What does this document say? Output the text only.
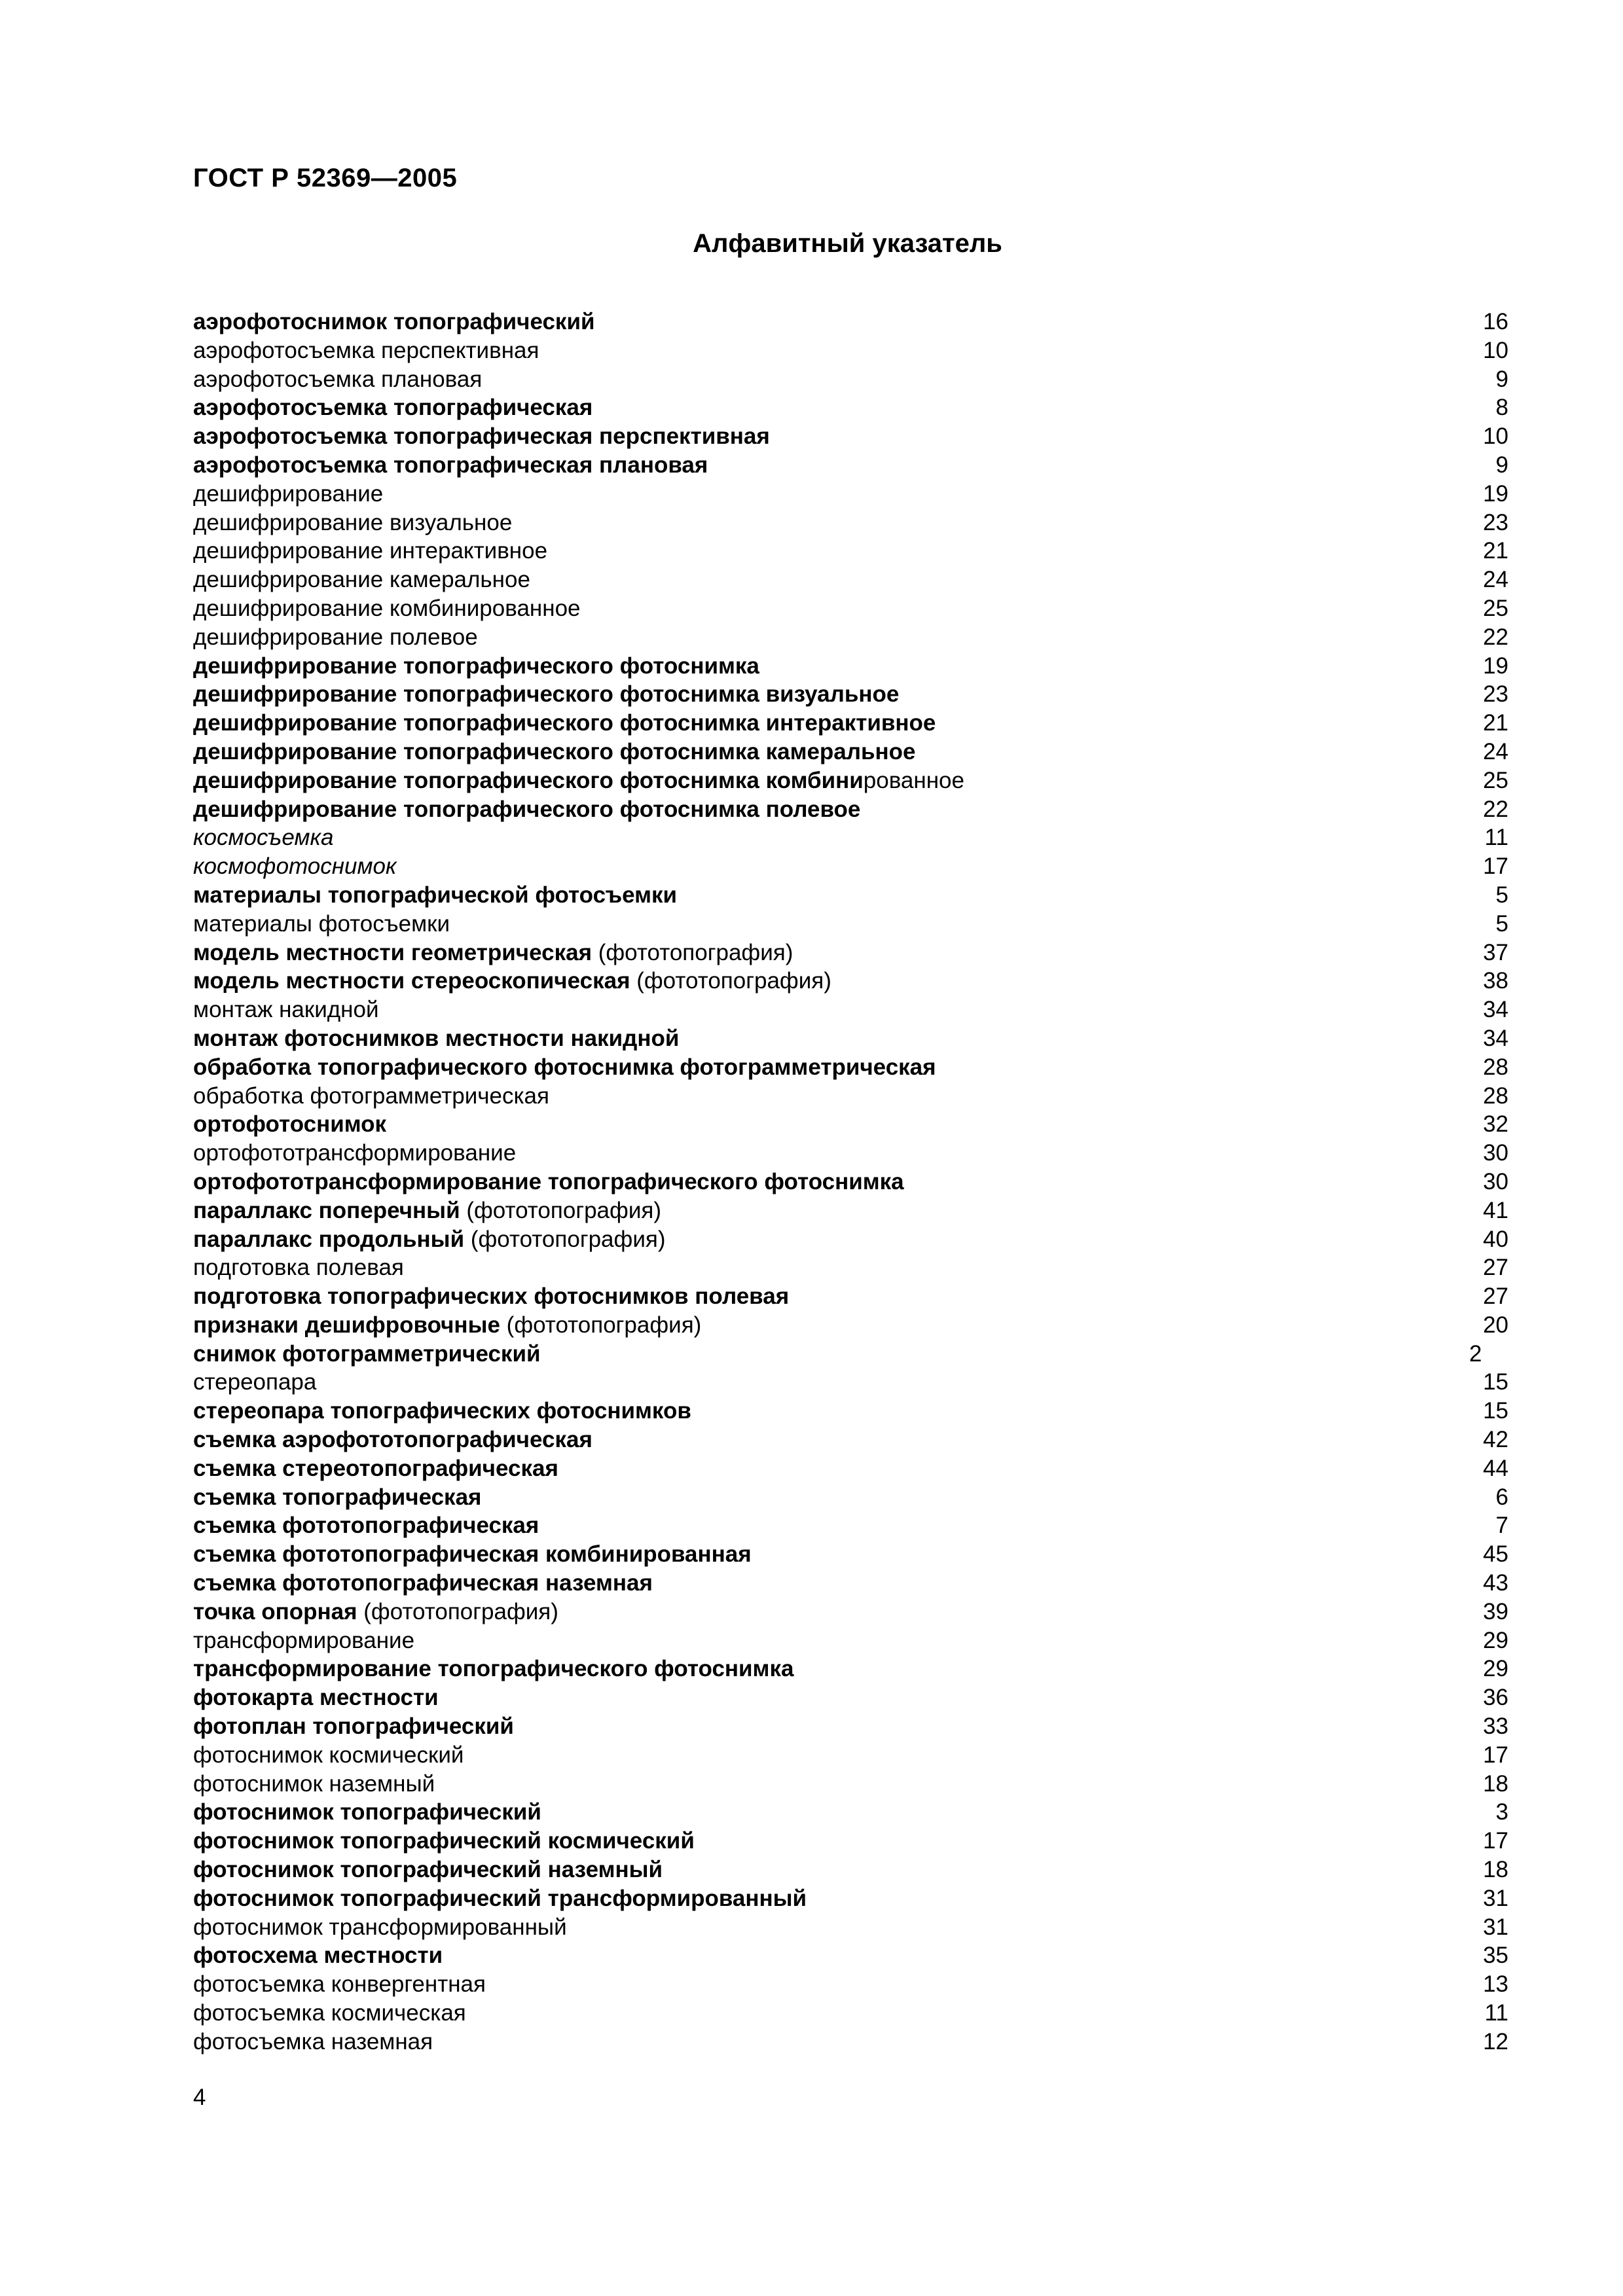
ГОСТ Р 52369—2005
Алфавитный указатель
аэрофотоснимок топографический	16
аэрофотосъемка перспективная	10
аэрофотосъемка плановая	9
аэрофотосъемка топографическая	8
аэрофотосъемка топографическая перспективная	10
аэрофотосъемка топографическая плановая	9
дешифрирование	19
дешифрирование визуальное	23
дешифрирование интерактивное	21
дешифрирование камеральное	24
дешифрирование комбинированное	25
дешифрирование полевое	22
дешифрирование топографического фотоснимка	19
дешифрирование топографического фотоснимка визуальное	23
дешифрирование топографического фотоснимка интерактивное	21
дешифрирование топографического фотоснимка камеральное	24
дешифрирование топографического фотоснимка комбинированное	25
дешифрирование топографического фотоснимка полевое	22
космосъемка	11
космофотоснимок	17
материалы топографической фотосъемки	5
материалы фотосъемки	5
модель местности геометрическая (фототопография)	37
модель местности стереоскопическая (фототопография)	38
монтаж накидной	34
монтаж фотоснимков местности накидной	34
обработка топографического фотоснимка фотограмметрическая	28
обработка фотограмметрическая	28
ортофотоснимок	32
ортофототрансформирование	30
ортофототрансформирование топографического фотоснимка	30
параллакс поперечный (фототопография)	41
параллакс продольный (фототопография)	40
подготовка полевая	27
подготовка топографических фотоснимков полевая	27
признаки дешифровочные (фототопография)	20
снимок фотограмметрический	2
стереопара	15
стереопара топографических фотоснимков	15
съемка аэрофототопографическая	42
съемка стереотопографическая	44
съемка топографическая	6
съемка фототопографическая	7
съемка фототопографическая комбинированная	45
съемка фототопографическая наземная	43
точка опорная (фототопография)	39
трансформирование	29
трансформирование топографического фотоснимка	29
фотокарта местности	36
фотоплан топографический	33
фотоснимок космический	17
фотоснимок наземный	18
фотоснимок топографический	3
фотоснимок топографический космический	17
фотоснимок топографический наземный	18
фотоснимок топографический трансформированный	31
фотоснимок трансформированный	31
фотосхема местности	35
фотосъемка конвергентная	13
фотосъемка космическая	11
фотосъемка наземная	12

4
